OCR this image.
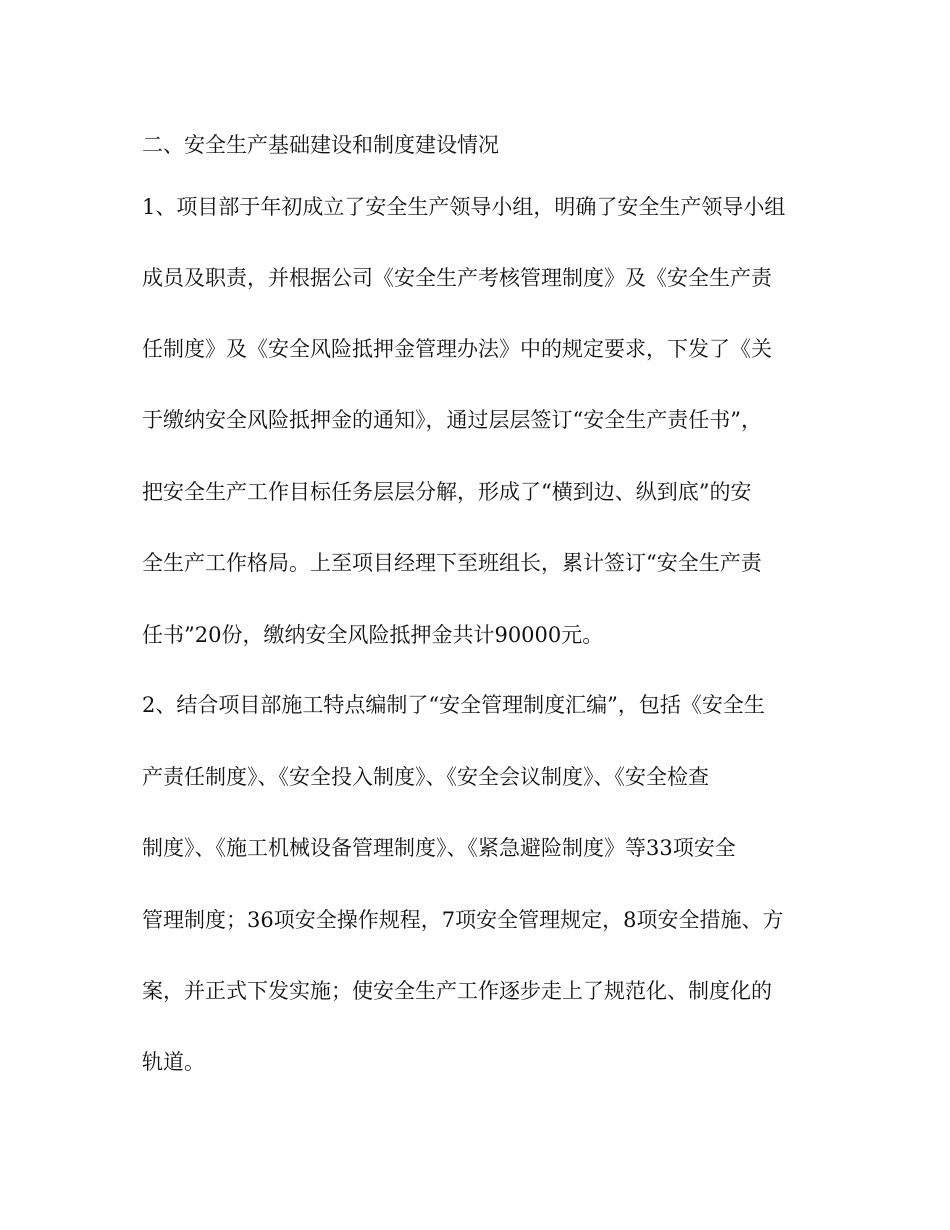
二、安全生产基础建设和制度建设情况

1、项目部于年初成立了安全生产领导小组，明确了安全生产领导小组

成员及职责，并根据公司《安全生产考核管理制度》及《安全生产责

任制度》及《安全风险抵押金管理办法》中的规定要求，下发了《关

于缴纳安全风险抵押金的通知》，通过层层签订“安全生产责任书”，

把安全生产工作目标任务层层分解，形成了“横到边、纵到底”的安

全生产工作格局。上至项目经理下至班组长，累计签订“安全生产责

任书”20份，缴纳安全风险抵押金共计90000元。

2、结合项目部施工特点编制了“安全管理制度汇编”，包括《安全生

产责任制度》、《安全投入制度》、《安全会议制度》、《安全检查

制度》、《施工机械设备管理制度》、《紧急避险制度》等33项安全

管理制度；36项安全操作规程，7项安全管理规定，8项安全措施、方

案，并正式下发实施；使安全生产工作逐步走上了规范化、制度化的

轨道。
